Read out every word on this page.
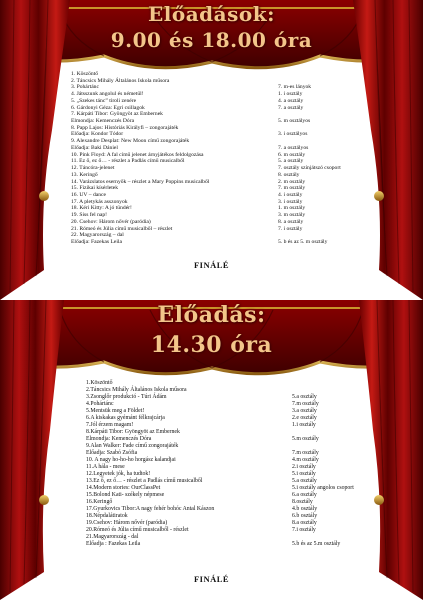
Előadások:
9.00 és 18.00 óra
1. Köszöntő
2. Táncsics Mihály Általános Iskola műsora
3. Pohártánc	7. m-es lányok
4. Játsszunk angolul és németül!	1. i osztály
5. „Szekes tánc” tiroli zenére	4. a osztály
6. Gárdonyi Géza: Egri csillagok	7. a osztály
7. Kárpáti Tibor: Gyöngyöt az Embernek
Elmondja: Kemenczés Dóra	5. m osztályos
8. Papp Lajos: Históriás Királyfi – zongorajáték
Előadja: Kondor Tódor	3. i osztályos
9. Alexandre Desplat: New Moon című zongorajáték
Előadja: Baki Dániel	7. a osztályos
10. Pink Floyd: A fal című jelenet árnyjátékos feldolgozása	6. m osztály
11. Ez ő, ez ő… - részlet a Padlás című musicalből	5. a osztály
12. Táncóra-jelenet	7. osztály színjátszó csoport
13. Keringő	8. osztály
14. Varázslatos esernyők – részlet a Mary Poppins musicalből	2. m osztály
15. Fizikai kísérletek	7. m osztály
16. UV – dance	4. i osztály
17. A pletykás asszonyok	3. i osztály
18. Kéri Kitty: A jó tündér!	1. m osztály
19. Siss fel nap!	3. m osztály
20. Csehov: Három nővér (paródia)	8. a osztály
21. Rómeó és Júlia című musicalből – részlet	7. i osztály
22. Magyarország – dal
Előadja: Fazekas Leila	5. b és az 5. m osztály
FINÁLÉ
Előadás:
14.30 óra
1.Köszöntő
2.Táncsics Mihály Általános Iskola műsora
3.Zsonglőr produkció - Túri Ádám	5.a osztály
4.Pohártánc	7.m osztály
5.Mentsük meg a Földet!	3.a osztály
6.A kiskakas gyémánt félkrajcárja	2.e osztály
7.Jól érzem magam!	1.i osztály
8.Kárpáti Tibor: Gyöngyöt az Embernek
Elmondja: Kemenczés Dóra	5.m osztály
9.Alan Walker: Fade című zongorajáték
Előadja: Szabó Zsófia	7.m osztály
10. A nagy ho-ho-ho horgász kalandjai	4.m osztály
11.A hála - mese	2.i osztály
12.Legyetek jók, ha tudtok!	5.i osztály
13.Ez ő, ez ő… - részlet a Padlás című musicalből	5.a osztály
14.Modern stories: OurClassPet	5.i osztály angolos csoport
15.Bolond Kati- székely népmese	6.a osztály
16.Keringő	8.osztály
17.Gyurkovics Tibor:A nagy fehér bohóc Antal Kászon	4.b osztály
18.Népdalátiratok	6.b osztály
19.Csehov: Három nővér (paródia)	8.a osztály
20.Rómeó és Júlia című musicalből - részlet	7.i osztály
21.Magyarország - dal
Előadja : Fazekas Leila	5.b és az 5.m osztály
FINÁLÉ
